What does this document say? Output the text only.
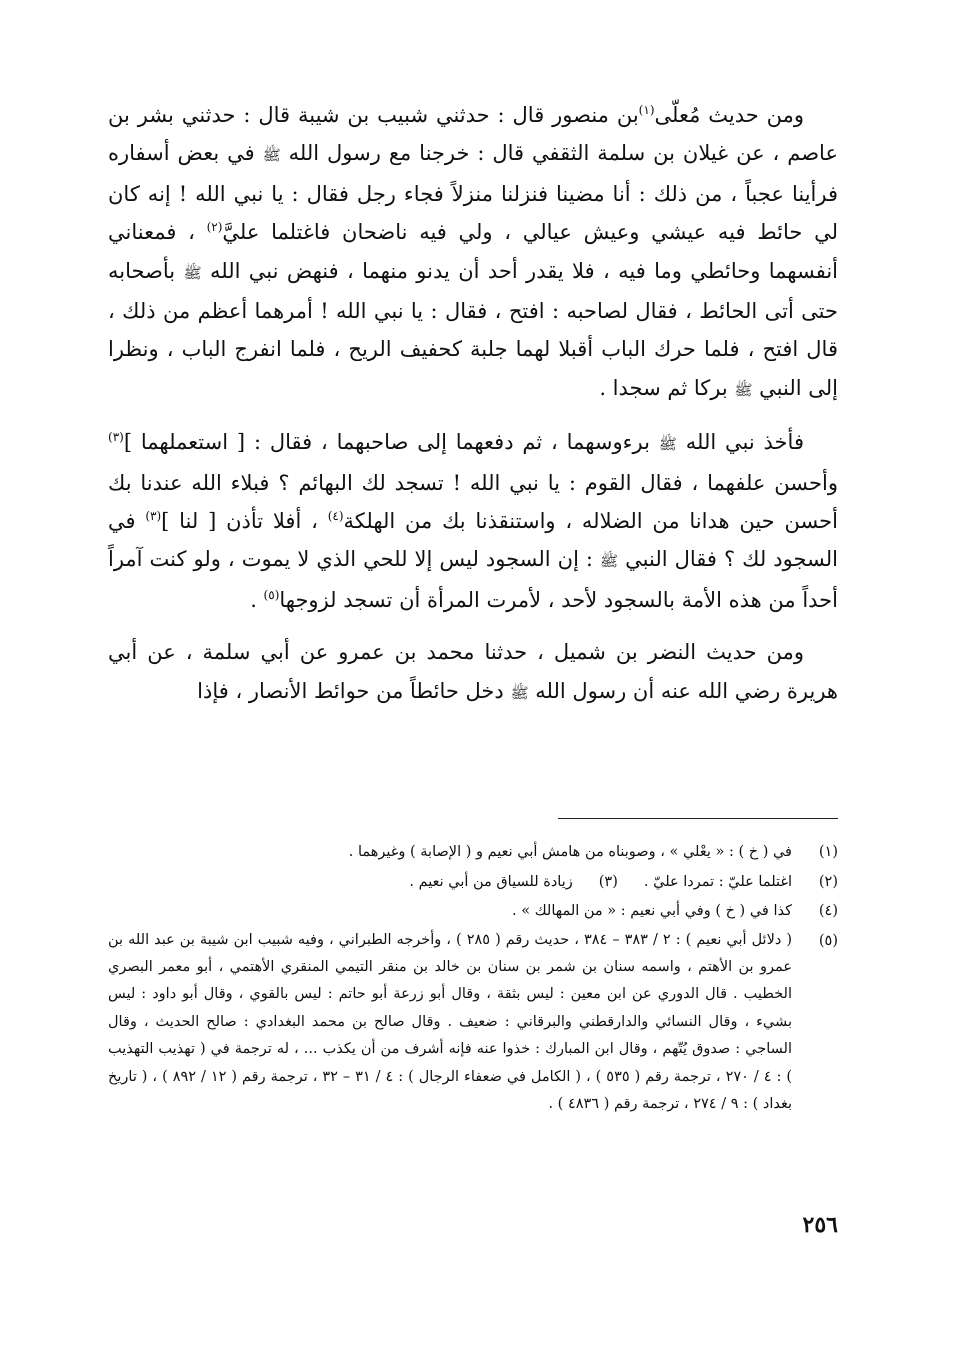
ومن حديث مُعلّى$^{(١)}$بن منصور قال : حدثني شبيب بن شيبة قال : حدثني بشر بن عاصم ، عن غيلان بن سلمة الثقفي قال : خرجنا مع رسول الله ﷺ في بعض أسفاره فرأينا عجباً ، من ذلك : أنا مضينا فنزلنا منزلاً فجاء رجل فقال : يا نبي الله ! إنه كان لي حائط فيه عيشي وعيش عيالي ، ولي فيه ناضحان فاغتلما عليَّ$^{(٢)}$ ، فمعناني أنفسهما وحائطي وما فيه ، فلا يقدر أحد أن يدنو منهما ، فنهض نبي الله ﷺ بأصحابه حتى أتى الحائط ، فقال لصاحبه : افتح ، فقال : يا نبي الله ! أمرهما أعظم من ذلك ، قال افتح ، فلما حرك الباب أقبلا لهما جلبة كحفيف الريح ، فلما انفرج الباب ، ونظرا إلى النبي ﷺ بركا ثم سجدا .

فأخذ نبي الله ﷺ برءوسهما ، ثم دفعهما إلى صاحبهما ، فقال : [ استعملهما ]$^{(٣)}$ وأحسن علفهما ، فقال القوم : يا نبي الله ! تسجد لك البهائم ؟ فبلاء الله عندنا بك أحسن حين هدانا من الضلاله ، واستنقذنا بك من الهلكة$^{(٤)}$ ، أفلا تأذن [ لنا ]$^{(٣)}$ في السجود لك ؟ فقال النبي ﷺ : إن السجود ليس إلا للحي الذي لا يموت ، ولو كنت آمراً أحداً من هذه الأمة بالسجود لأحد ، لأمرت المرأة أن تسجد لزوجها$^{(٥)}$ .

ومن حديث النضر بن شميل ، حدثنا محمد بن عمرو عن أبي سلمة ، عن أبي هريرة رضي الله عنه أن رسول الله ﷺ دخل حائطاً من حوائط الأنصار ، فإذا

(١)
في ( خ ) : « يعْلي » ، وصوبناه من هامش أبي نعيم و ( الإصابة ) وغيرهما .
(٢)
اغتلما عليّ : تمردا عليّ .(٣)زيادة للسياق من أبي نعيم .
(٤)
كذا في ( خ ) وفي أبي نعيم : « من المهالك » .
(٥)
( دلائل أبي نعيم ) : ٢ / ٣٨٣ – ٣٨٤ ، حديث رقم ( ٢٨٥ ) ، وأخرجه الطبراني ، وفيه شبيب ابن شيبة بن عبد الله بن عمرو بن الأهتم ، واسمه سنان بن شمر بن سنان بن خالد بن منقر التيمي المنقري الأهتمي ، أبو معمر البصري الخطيب . قال الدوري عن ابن معين : ليس بثقة ، وقال أبو زرعة أبو حاتم : ليس بالقوي ، وقال أبو داود : ليس بشيء ، وقال النسائي والدارقطني والبرقاني : ضعيف . وقال صالح بن محمد البغدادي : صالح الحديث ، وقال الساجي : صدوق يُتّهم ، وقال ابن المبارك : خذوا عنه فإنه أشرف من أن يكذب ... ، له ترجمة في ( تهذيب التهذيب ) : ٤ / ٢٧٠ ، ترجمة رقم ( ٥٣٥ ) ، ( الكامل في ضعفاء الرجال ) : ٤ / ٣١ – ٣٢ ، ترجمة رقم ( ١٢ / ٨٩٢ ) ، ( تاريخ بغداد ) : ٩ / ٢٧٤ ، ترجمة رقم ( ٤٨٣٦ ) .
٢٥٦
